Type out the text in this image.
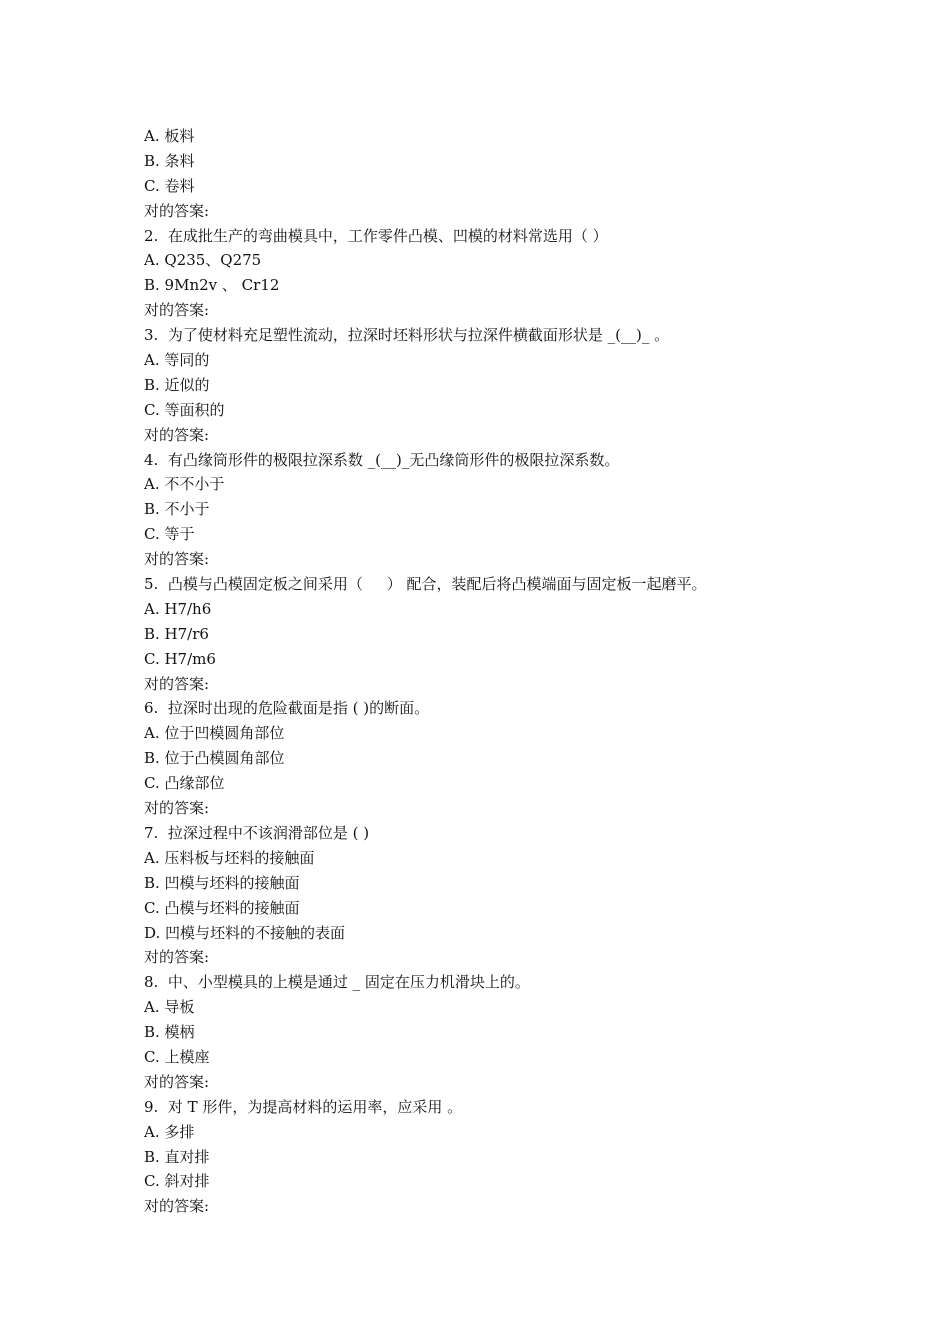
A. 板料
B. 条料
C. 卷料
对的答案:
2.  在成批生产的弯曲模具中，工作零件凸模、凹模的材料常选用（ ）
A. Q235、Q275
B. 9Mn2v 、 Cr12
对的答案:
3.  为了使材料充足塑性流动，拉深时坯料形状与拉深件横截面形状是 _(__)_ 。
A. 等同的
B. 近似的
C. 等面积的
对的答案:
4.  有凸缘筒形件的极限拉深系数 _(__)_无凸缘筒形件的极限拉深系数。
A. 不不小于
B. 不小于
C. 等于
对的答案:
5.  凸模与凸模固定板之间采用（     ） 配合，装配后将凸模端面与固定板一起磨平。
A. H7/h6
B. H7/r6
C. H7/m6
对的答案:
6.  拉深时出现的危险截面是指 ( )的断面。
A. 位于凹模圆角部位
B. 位于凸模圆角部位
C. 凸缘部位
对的答案:
7.  拉深过程中不该润滑部位是 ( )
A. 压料板与坯料的接触面
B. 凹模与坯料的接触面
C. 凸模与坯料的接触面
D. 凹模与坯料的不接触的表面
对的答案:
8.  中、小型模具的上模是通过 _ 固定在压力机滑块上的。
A. 导板
B. 模柄
C. 上模座
对的答案:
9.  对 T 形件，为提高材料的运用率，应采用 。
A. 多排
B. 直对排
C. 斜对排
对的答案:
